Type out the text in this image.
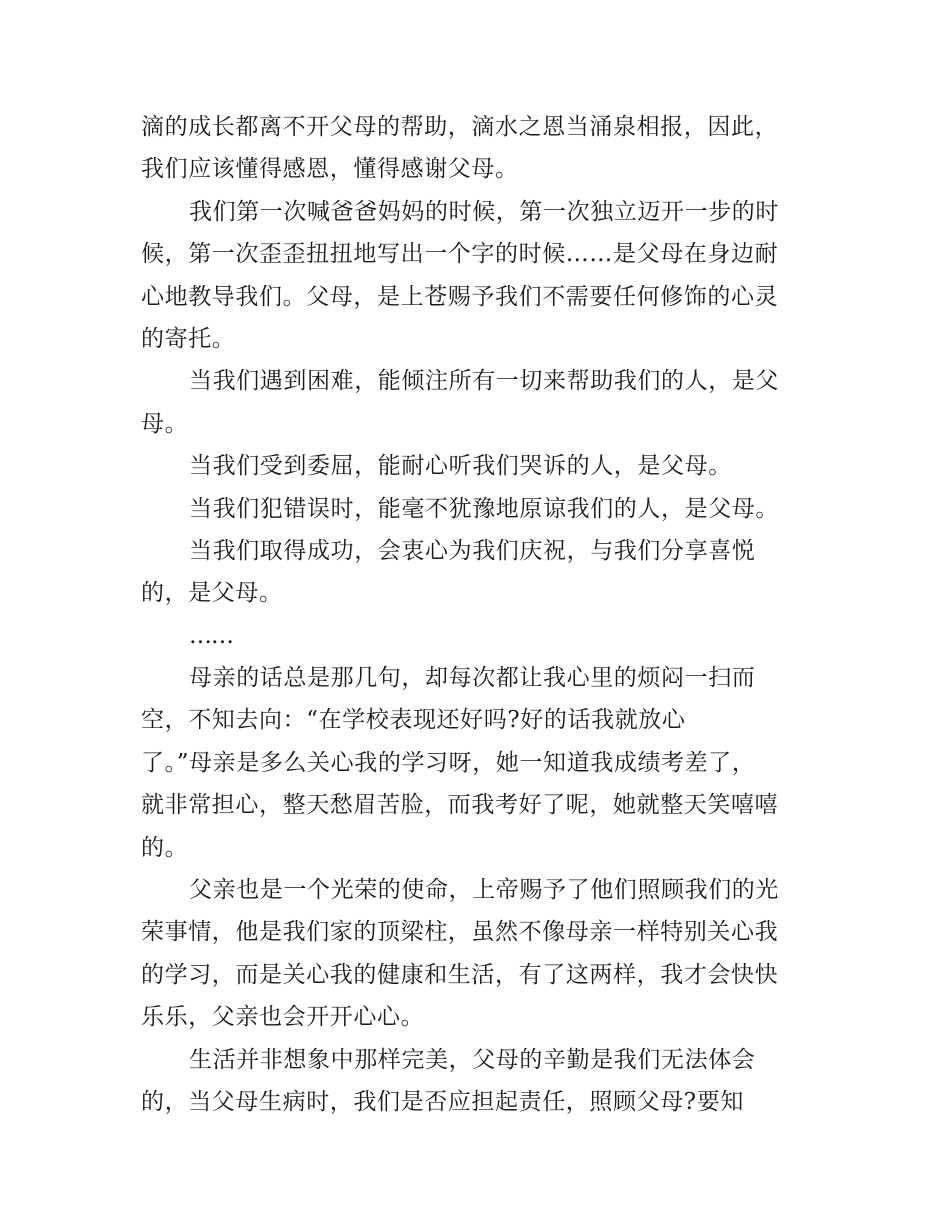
滴的成长都离不开父母的帮助，滴水之恩当涌泉相报，因此，
我们应该懂得感恩，懂得感谢父母。
我们第一次喊爸爸妈妈的时候，第一次独立迈开一步的时
候，第一次歪歪扭扭地写出一个字的时候……是父母在身边耐
心地教导我们。父母，是上苍赐予我们不需要任何修饰的心灵
的寄托。
当我们遇到困难，能倾注所有一切来帮助我们的人，是父
母。
当我们受到委屈，能耐心听我们哭诉的人，是父母。
当我们犯错误时，能毫不犹豫地原谅我们的人，是父母。
当我们取得成功，会衷心为我们庆祝，与我们分享喜悦
的，是父母。
……
母亲的话总是那几句，却每次都让我心里的烦闷一扫而
空，不知去向：“在学校表现还好吗?好的话我就放心
了。”母亲是多么关心我的学习呀，她一知道我成绩考差了，
就非常担心，整天愁眉苦脸，而我考好了呢，她就整天笑嘻嘻
的。
父亲也是一个光荣的使命，上帝赐予了他们照顾我们的光
荣事情，他是我们家的顶梁柱，虽然不像母亲一样特别关心我
的学习，而是关心我的健康和生活，有了这两样，我才会快快
乐乐，父亲也会开开心心。
生活并非想象中那样完美，父母的辛勤是我们无法体会
的，当父母生病时，我们是否应担起责任，照顾父母?要知
